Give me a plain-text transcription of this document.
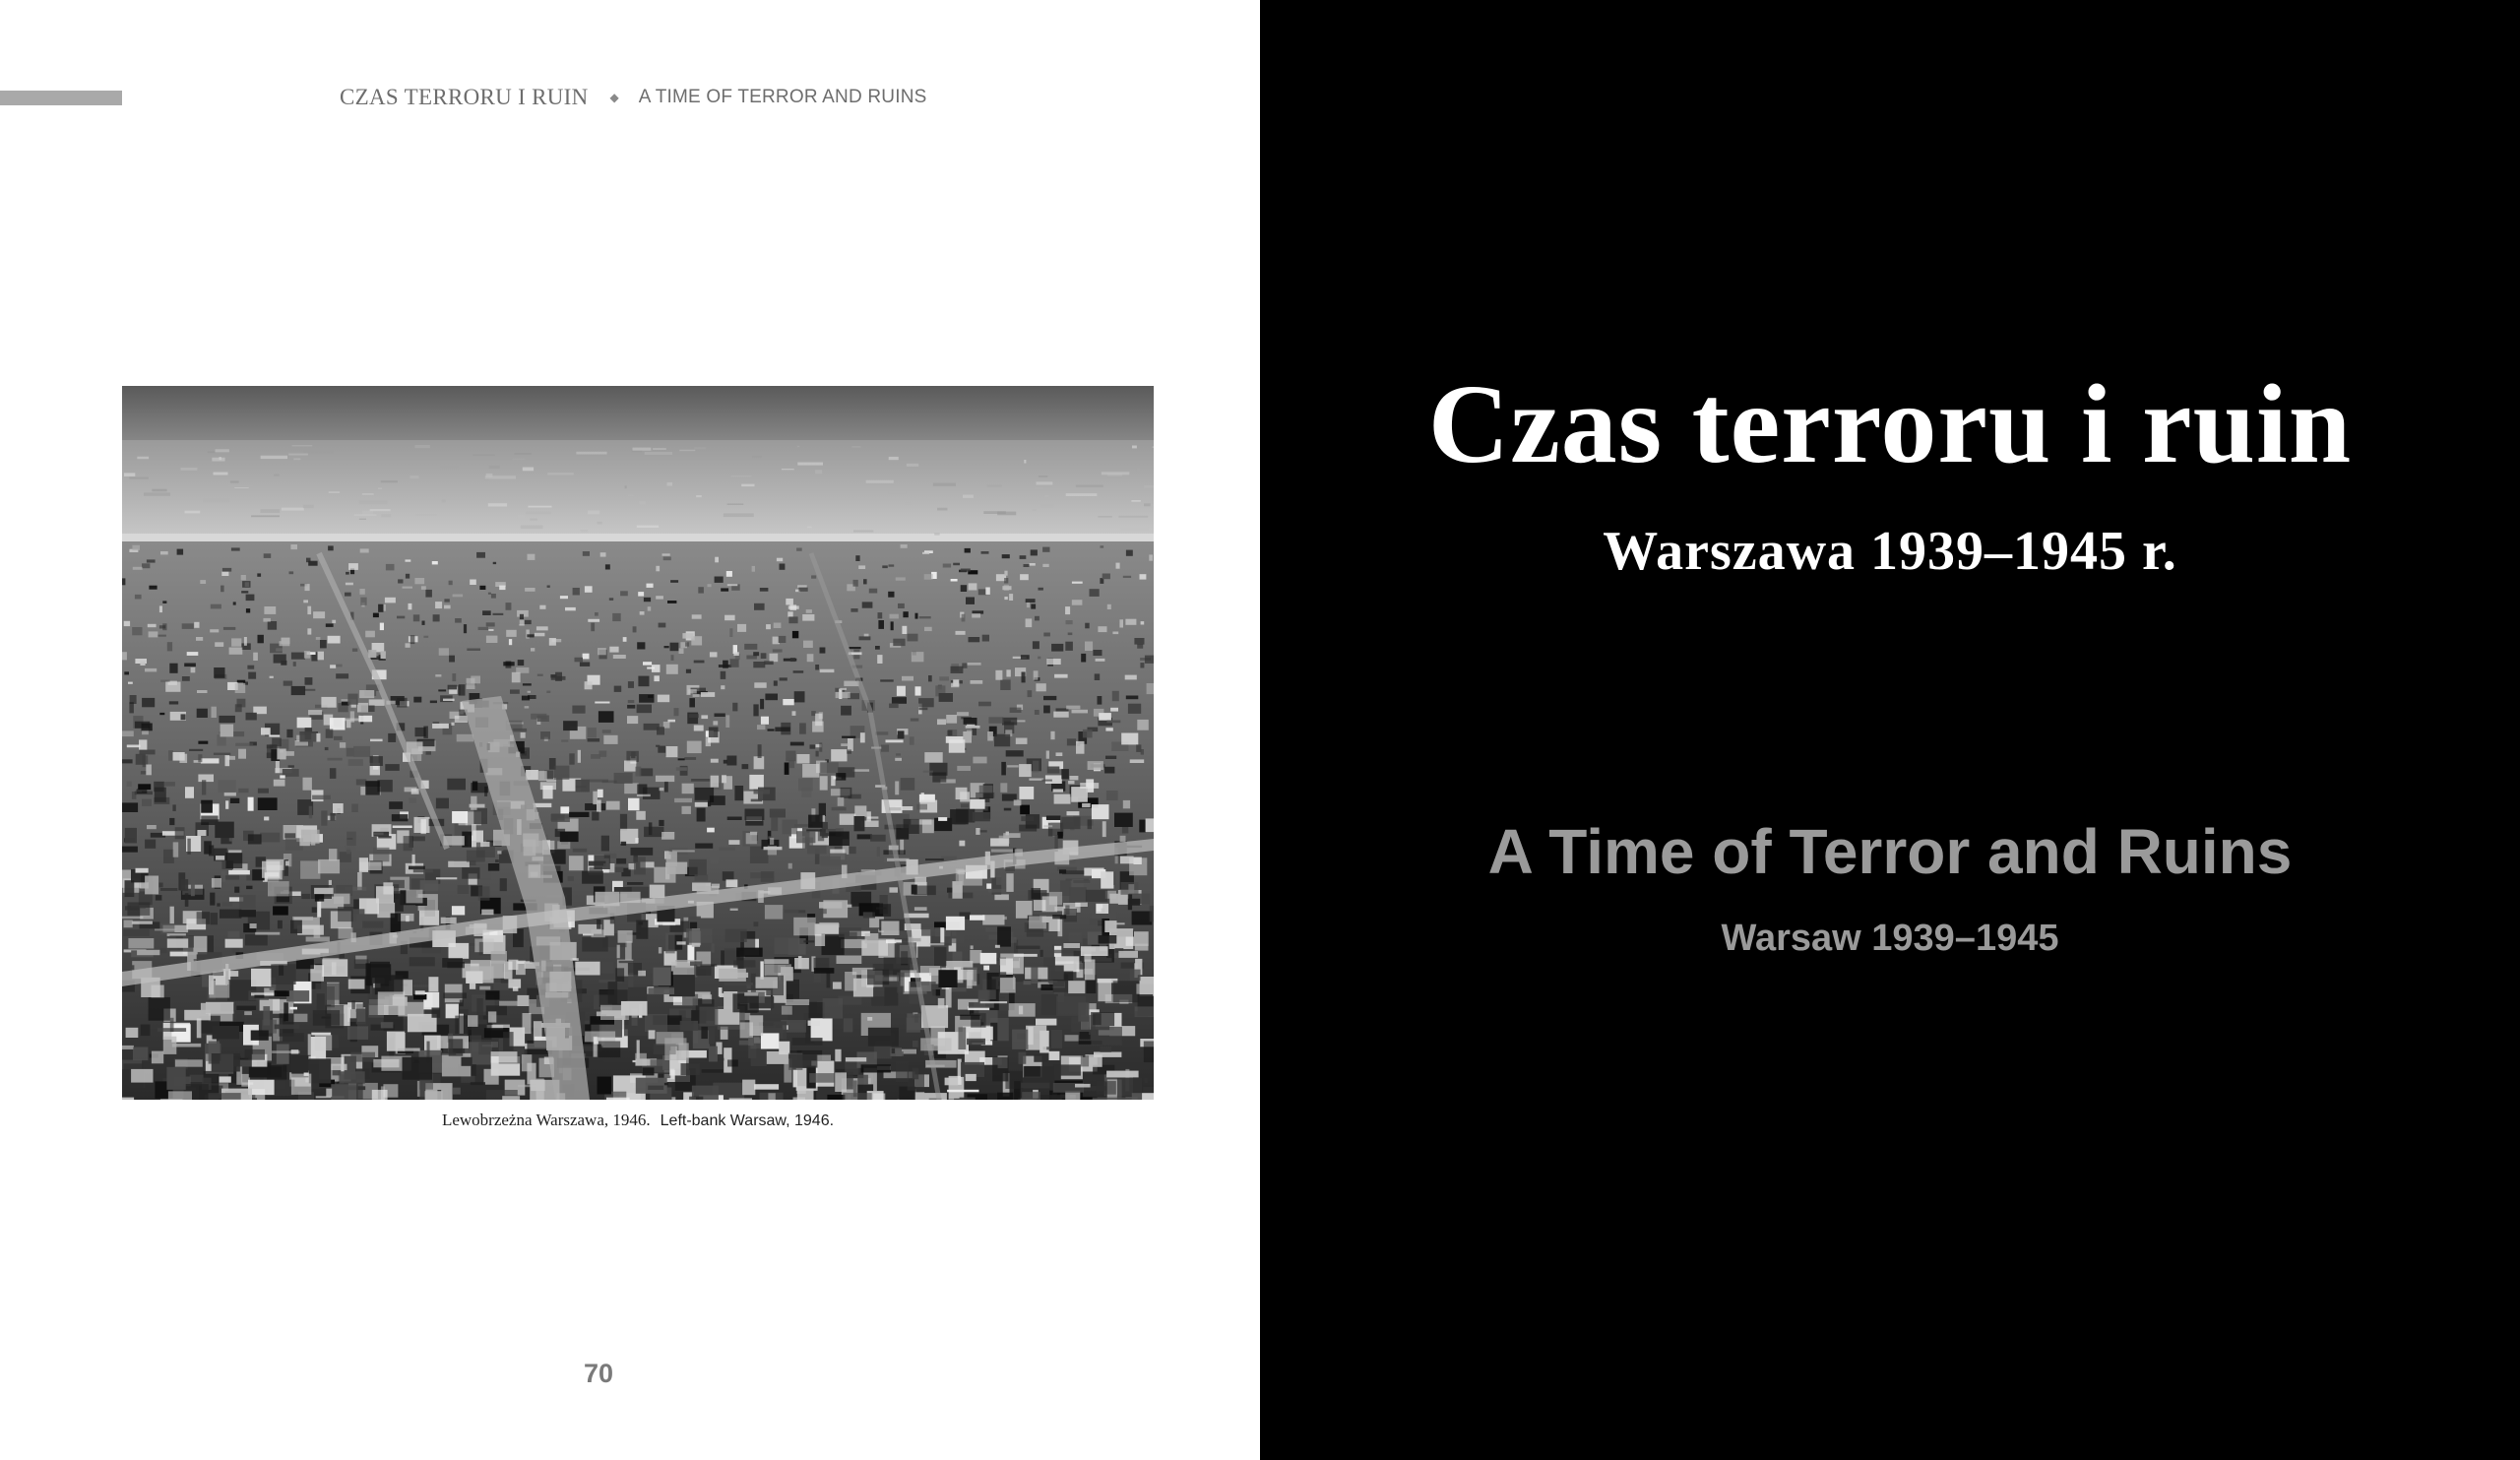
CZAS TERRORU I RUIN ◆ A TIME OF TERROR AND RUINS
Lewobrzeżna Warszawa, 1946. Left-bank Warsaw, 1946.
70
Czas terroru i ruin
Warszawa 1939–1945 r.
A Time of Terror and Ruins
Warsaw 1939–1945
